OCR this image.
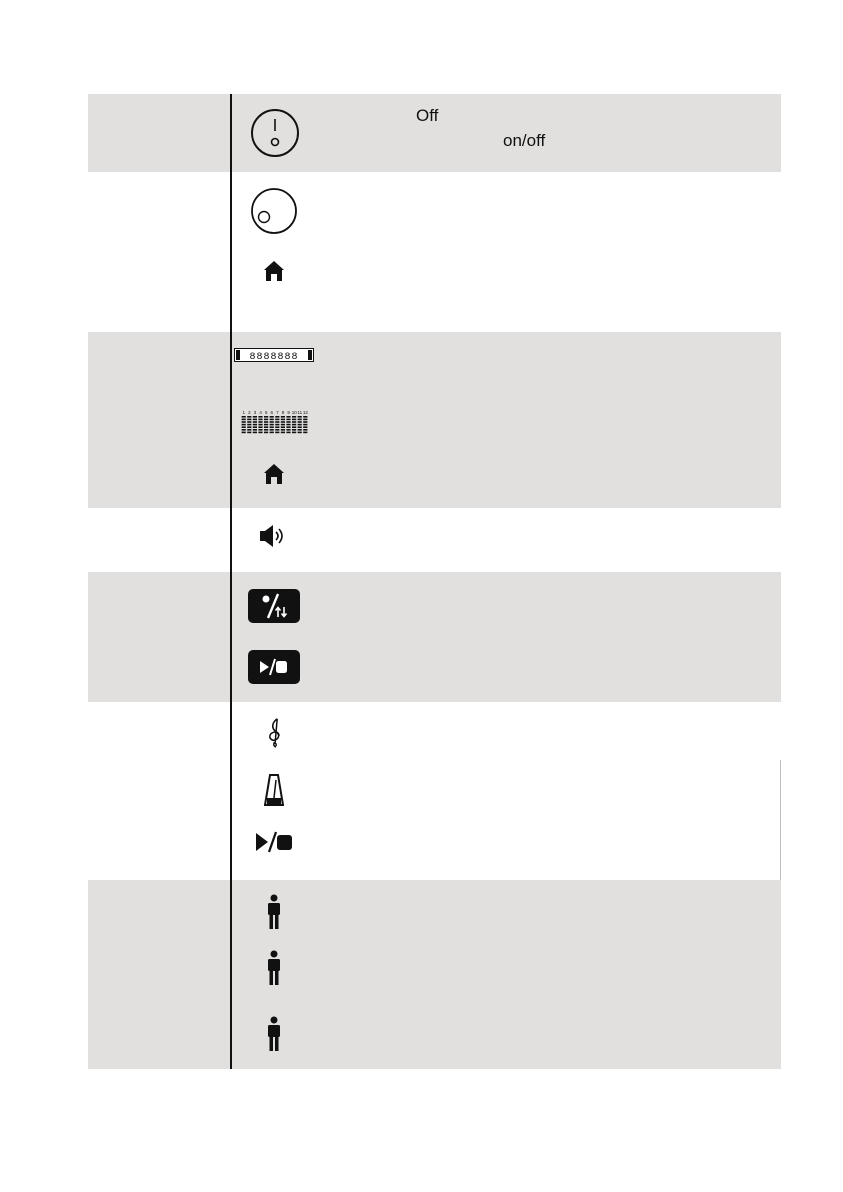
Off
on/off
8888888
1 2 3 4 5 6 7 8 9 10 11 12
